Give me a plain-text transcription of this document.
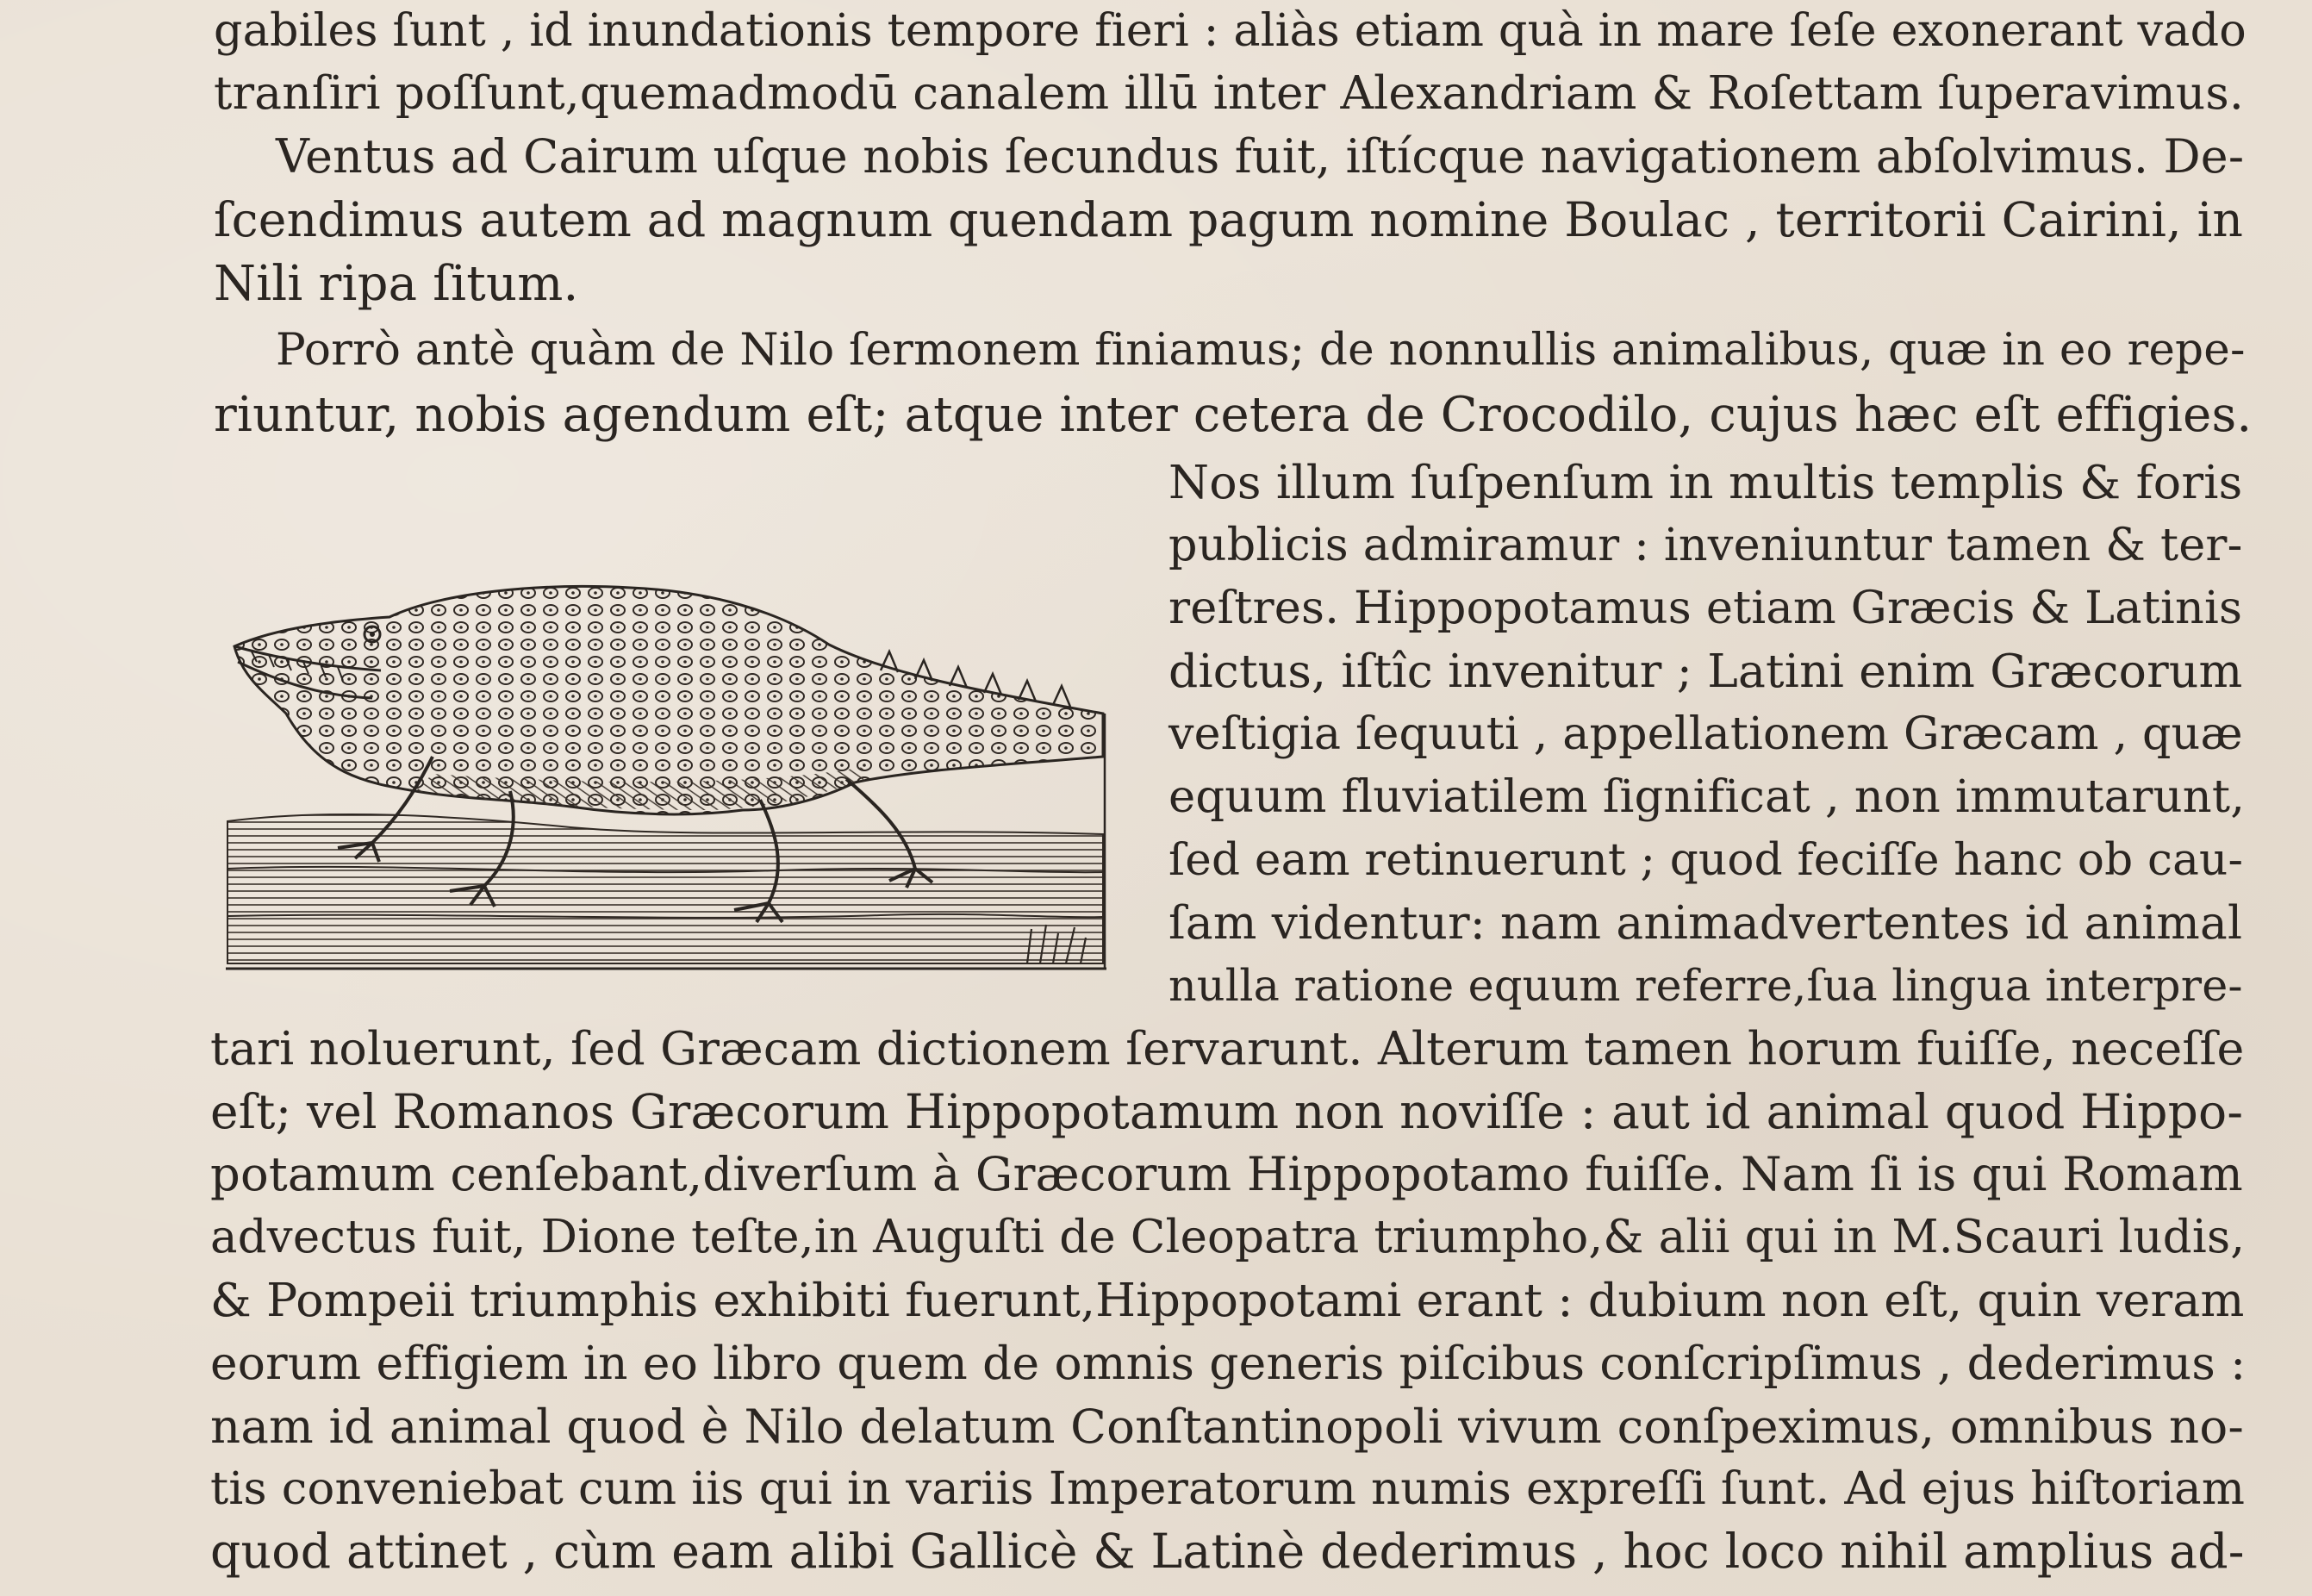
gabiles ſunt , id inundationis tempore fieri : aliàs etiam quà in mare ſeſe exonerant vado
tranſiri poſſunt,quemadmodū canalem illū inter Alexandriam & Roſettam ſuperavimus.
Ventus ad Cairum uſque nobis ſecundus fuit, iſtícque navigationem abſolvimus. De-
ſcendimus autem ad magnum quendam pagum nomine Boulac , territorii Cairini, in
Nili ripa ſitum.
Porrò antè quàm de Nilo ſermonem finiamus; de nonnullis animalibus, quæ in eo repe-
riuntur, nobis agendum eſt; atque inter cetera de Crocodilo, cujus hæc eſt effigies.
Nos illum ſuſpenſum in multis templis & foris
publicis admiramur : inveniuntur tamen & ter-
reſtres. Hippopotamus etiam Græcis & Latinis
dictus, iſtîc invenitur ; Latini enim Græcorum
veſtigia ſequuti , appellationem Græcam , quæ
equum fluviatilem ſignificat , non immutarunt,
ſed eam retinuerunt ; quod feciſſe hanc ob cau-
ſam videntur: nam animadvertentes id animal
nulla ratione equum referre,ſua lingua interpre-
tari noluerunt, ſed Græcam dictionem ſervarunt. Alterum tamen horum fuiſſe, neceſſe
eſt; vel Romanos Græcorum Hippopotamum non noviſſe : aut id animal quod Hippo-
potamum cenſebant,diverſum à Græcorum Hippopotamo fuiſſe. Nam ſi is qui Romam
advectus fuit, Dione teſte,in Auguſti de Cleopatra triumpho,& alii qui in M.Scauri ludis,
& Pompeii triumphis exhibiti fuerunt,Hippopotami erant : dubium non eſt, quin veram
eorum effigiem in eo libro quem de omnis generis piſcibus conſcripſimus , dederimus :
nam id animal quod è Nilo delatum Conſtantinopoli vivum conſpeximus, omnibus no-
tis conveniebat cum iis qui in variis Imperatorum numis expreſſi ſunt. Ad ejus hiſtoriam
quod attinet , cùm eam alibi Gallicè & Latinè dederimus , hoc loco nihil amplius ad-
